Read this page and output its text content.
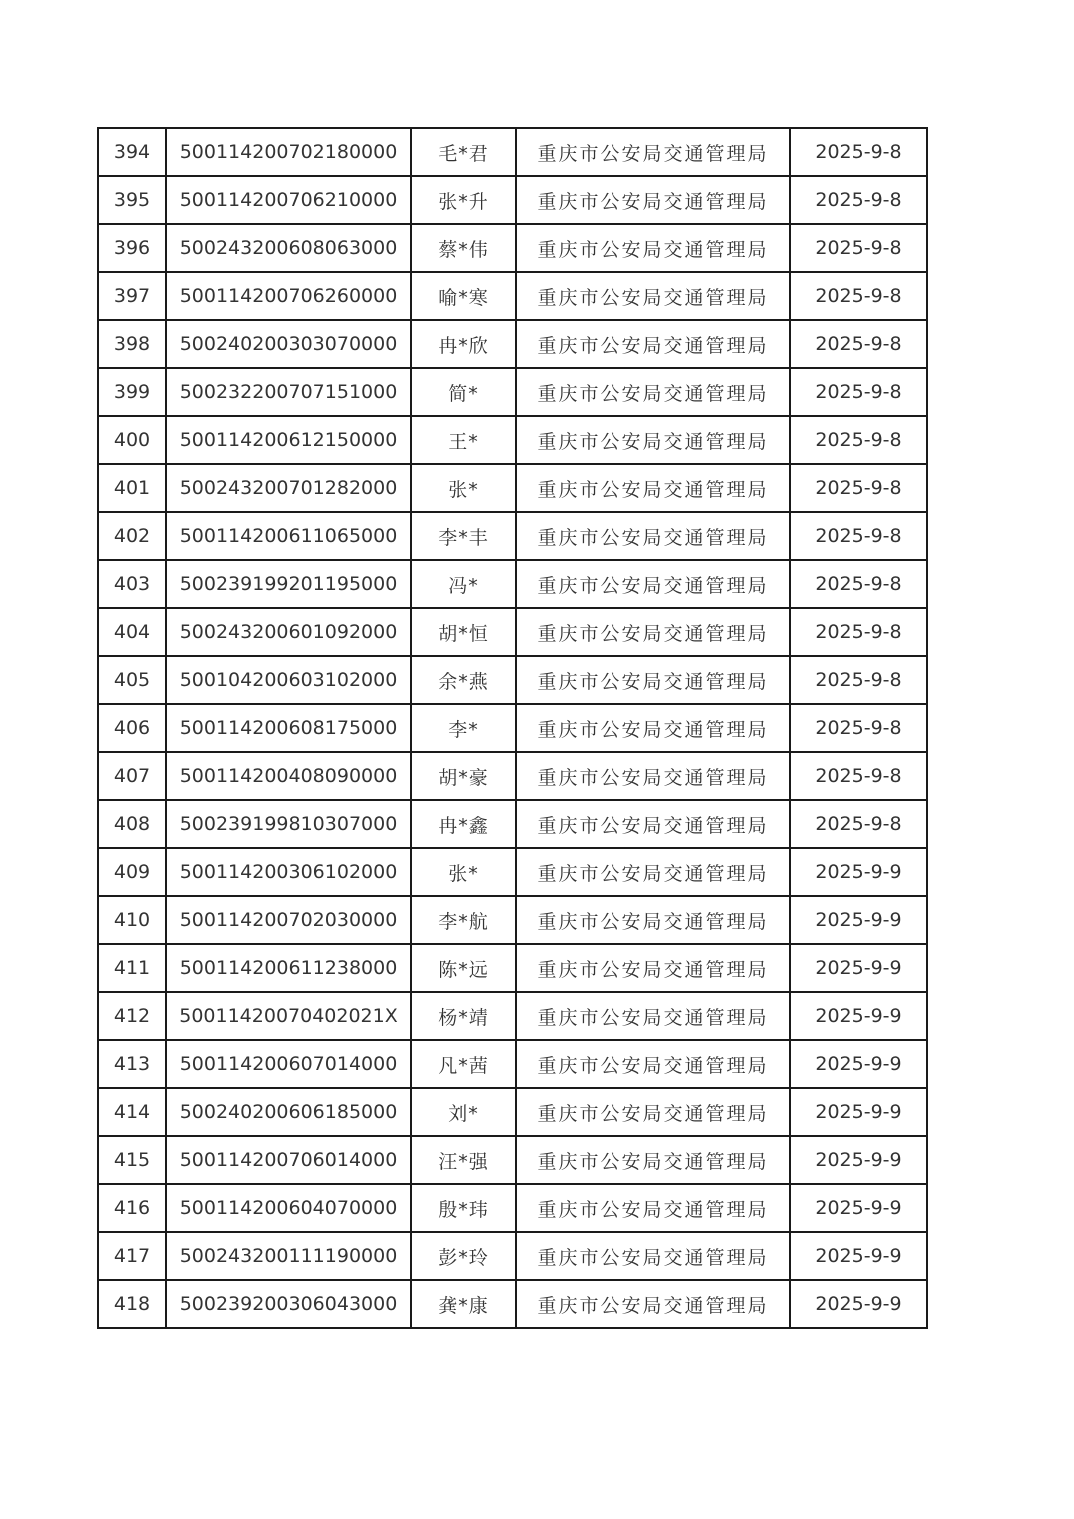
394	500114200702180000	毛*君	重庆市公安局交通管理局	2025-9-8
395	500114200706210000	张*升	重庆市公安局交通管理局	2025-9-8
396	500243200608063000	蔡*伟	重庆市公安局交通管理局	2025-9-8
397	500114200706260000	喻*寒	重庆市公安局交通管理局	2025-9-8
398	500240200303070000	冉*欣	重庆市公安局交通管理局	2025-9-8
399	500232200707151000	简*	重庆市公安局交通管理局	2025-9-8
400	500114200612150000	王*	重庆市公安局交通管理局	2025-9-8
401	500243200701282000	张*	重庆市公安局交通管理局	2025-9-8
402	500114200611065000	李*丰	重庆市公安局交通管理局	2025-9-8
403	500239199201195000	冯*	重庆市公安局交通管理局	2025-9-8
404	500243200601092000	胡*恒	重庆市公安局交通管理局	2025-9-8
405	500104200603102000	余*燕	重庆市公安局交通管理局	2025-9-8
406	500114200608175000	李*	重庆市公安局交通管理局	2025-9-8
407	500114200408090000	胡*豪	重庆市公安局交通管理局	2025-9-8
408	500239199810307000	冉*鑫	重庆市公安局交通管理局	2025-9-8
409	500114200306102000	张*	重庆市公安局交通管理局	2025-9-9
410	500114200702030000	李*航	重庆市公安局交通管理局	2025-9-9
411	500114200611238000	陈*远	重庆市公安局交通管理局	2025-9-9
412	50011420070402021X	杨*靖	重庆市公安局交通管理局	2025-9-9
413	500114200607014000	凡*茜	重庆市公安局交通管理局	2025-9-9
414	500240200606185000	刘*	重庆市公安局交通管理局	2025-9-9
415	500114200706014000	汪*强	重庆市公安局交通管理局	2025-9-9
416	500114200604070000	殷*玮	重庆市公安局交通管理局	2025-9-9
417	500243200111190000	彭*玲	重庆市公安局交通管理局	2025-9-9
418	500239200306043000	龚*康	重庆市公安局交通管理局	2025-9-9
